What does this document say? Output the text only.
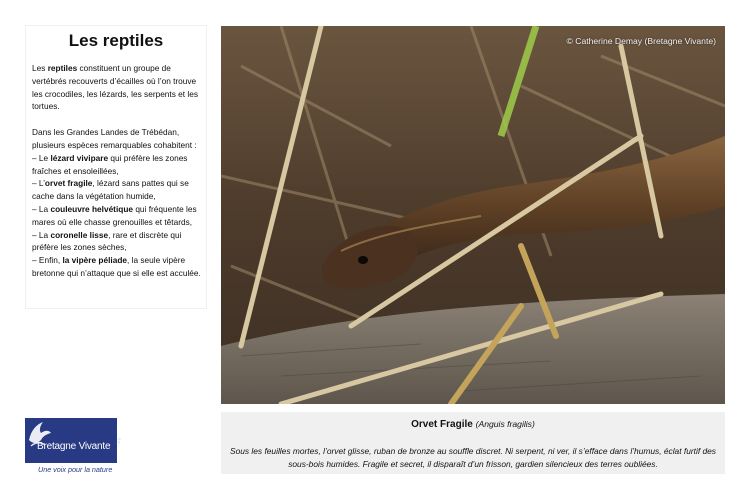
Les reptiles

Les reptiles constituent un groupe de vertébrés recouverts d’écailles où l’on trouve les crocodiles, les lézards, les serpents et les tortues.

Dans les Grandes Landes de Trébédan, plusieurs espèces remarquables cohabitent :
– Le lézard vivipare qui préfère les zones fraîches et ensoleillées,
– L’orvet fragile, lézard sans pattes qui se cache dans la végétation humide,
– La couleuvre helvétique qui fréquente les mares où elle chasse grenouilles et têtards,
– La coronelle lisse, rare et discrète qui préfère les zones sèches,
– Enfin, la vipère péliade, la seule vipère bretonne qui n’attaque que si elle est acculée.
© Catherine Demay (Bretagne Vivante)
Orvet Fragile (Anguis fragilis)
Sous les feuilles mortes, l’orvet glisse, ruban de bronze au souffle discret. Ni serpent, ni ver, il s’efface dans l’humus, éclat furtif des sous-bois humides. Fragile et secret, il disparaît d’un frisson, gardien silencieux des terres oubliées.
Bretagne Vivante .org
Une voix pour la nature
